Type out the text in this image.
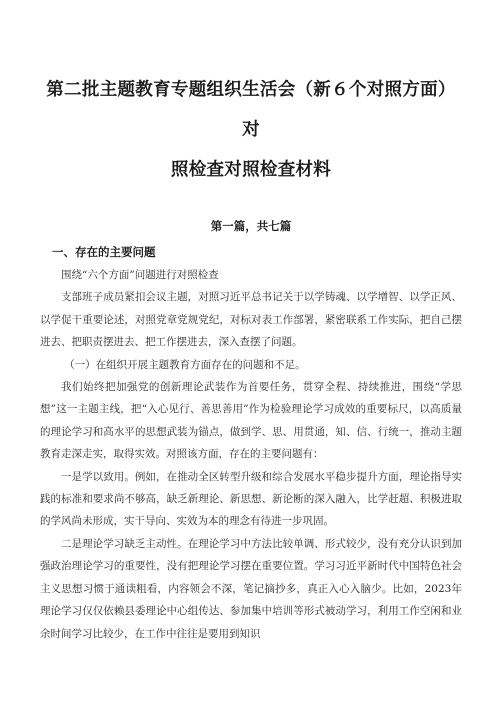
第二批主题教育专题组织生活会（新６个对照方面）对
照检查对照检查材料
第一篇，共七篇
一、存在的主要问题

围绕“六个方面”问题进行对照检查

支部班子成员紧扣会议主题，对照习近平总书记关于以学铸魂、以学增智、以学正风、以学促干重要论述，对照党章党规党纪，对标对表工作部署，紧密联系工作实际，把自己摆进去、把职责摆进去、把工作摆进去，深入查摆了问题。

（一）在组织开展主题教育方面存在的问题和不足。

我们始终把加强党的创新理论武装作为首要任务，贯穿全程、持续推进，围绕“学思想”这一主题主线，把“入心见行、善思善用”作为检验理论学习成效的重要标尺，以高质量的理论学习和高水平的思想武装为锚点，做到学、思、用贯通，知、信、行统一，推动主题教育走深走实，取得实效。对照该方面，存在的主要问题有：

一是学以致用。例如，在推动全区转型升级和综合发展水平稳步提升方面，理论指导实践的标准和要求尚不够高，缺乏新理论、新思想、新论断的深入融入，比学赶超、积极进取的学风尚未形成，实干导向、实效为本的理念有待进一步巩固。

二是理论学习缺乏主动性。在理论学习中方法比较单调、形式较少，没有充分认识到加强政治理论学习的重要性，没有把理论学习摆在重要位置。学习习近平新时代中国特色社会主义思想习惯于通读粗看，内容领会不深，笔记摘抄多，真正入心入脑少。比如，2023年理论学习仅仅依赖县委理论中心组传达、参加集中培训等形式被动学习，利用工作空闲和业余时间学习比较少，在工作中往往是要用到知识
